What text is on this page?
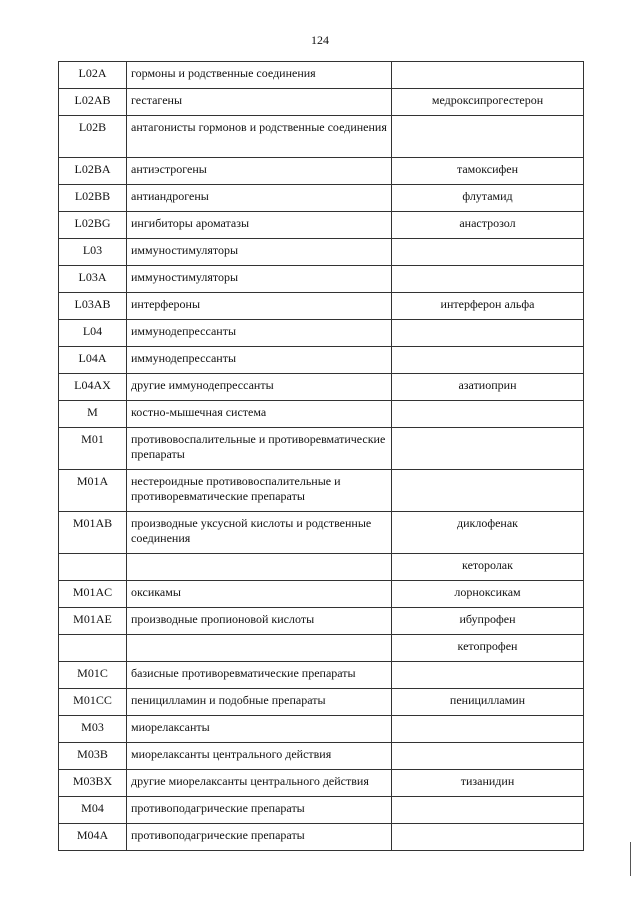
124
L02A	гормоны и родственные соединения	
L02AB	гестагены	медроксипрогестерон
L02B	антагонисты гормонов и родственные соединения	
L02BA	антиэстрогены	тамоксифен
L02BB	антиандрогены	флутамид
L02BG	ингибиторы ароматазы	анастрозол
L03	иммуностимуляторы	
L03A	иммуностимуляторы	
L03AB	интерфероны	интерферон альфа
L04	иммунодепрессанты	
L04A	иммунодепрессанты	
L04AX	другие иммунодепрессанты	азатиоприн
M	костно-мышечная система	
M01	противовоспалительные и противоревматические препараты	
M01A	нестероидные противовоспалительные и противоревматические препараты	
M01AB	производные уксусной кислоты и родственные соединения	диклофенак
		кеторолак
M01AC	оксикамы	лорноксикам
M01AE	производные пропионовой кислоты	ибупрофен
		кетопрофен
M01C	базисные противоревматические препараты	
M01CC	пеницилламин и подобные препараты	пеницилламин
M03	миорелаксанты	
M03B	миорелаксанты центрального действия	
M03BX	другие миорелаксанты центрального действия	тизанидин
M04	противоподагрические препараты	
M04A	противоподагрические препараты	
